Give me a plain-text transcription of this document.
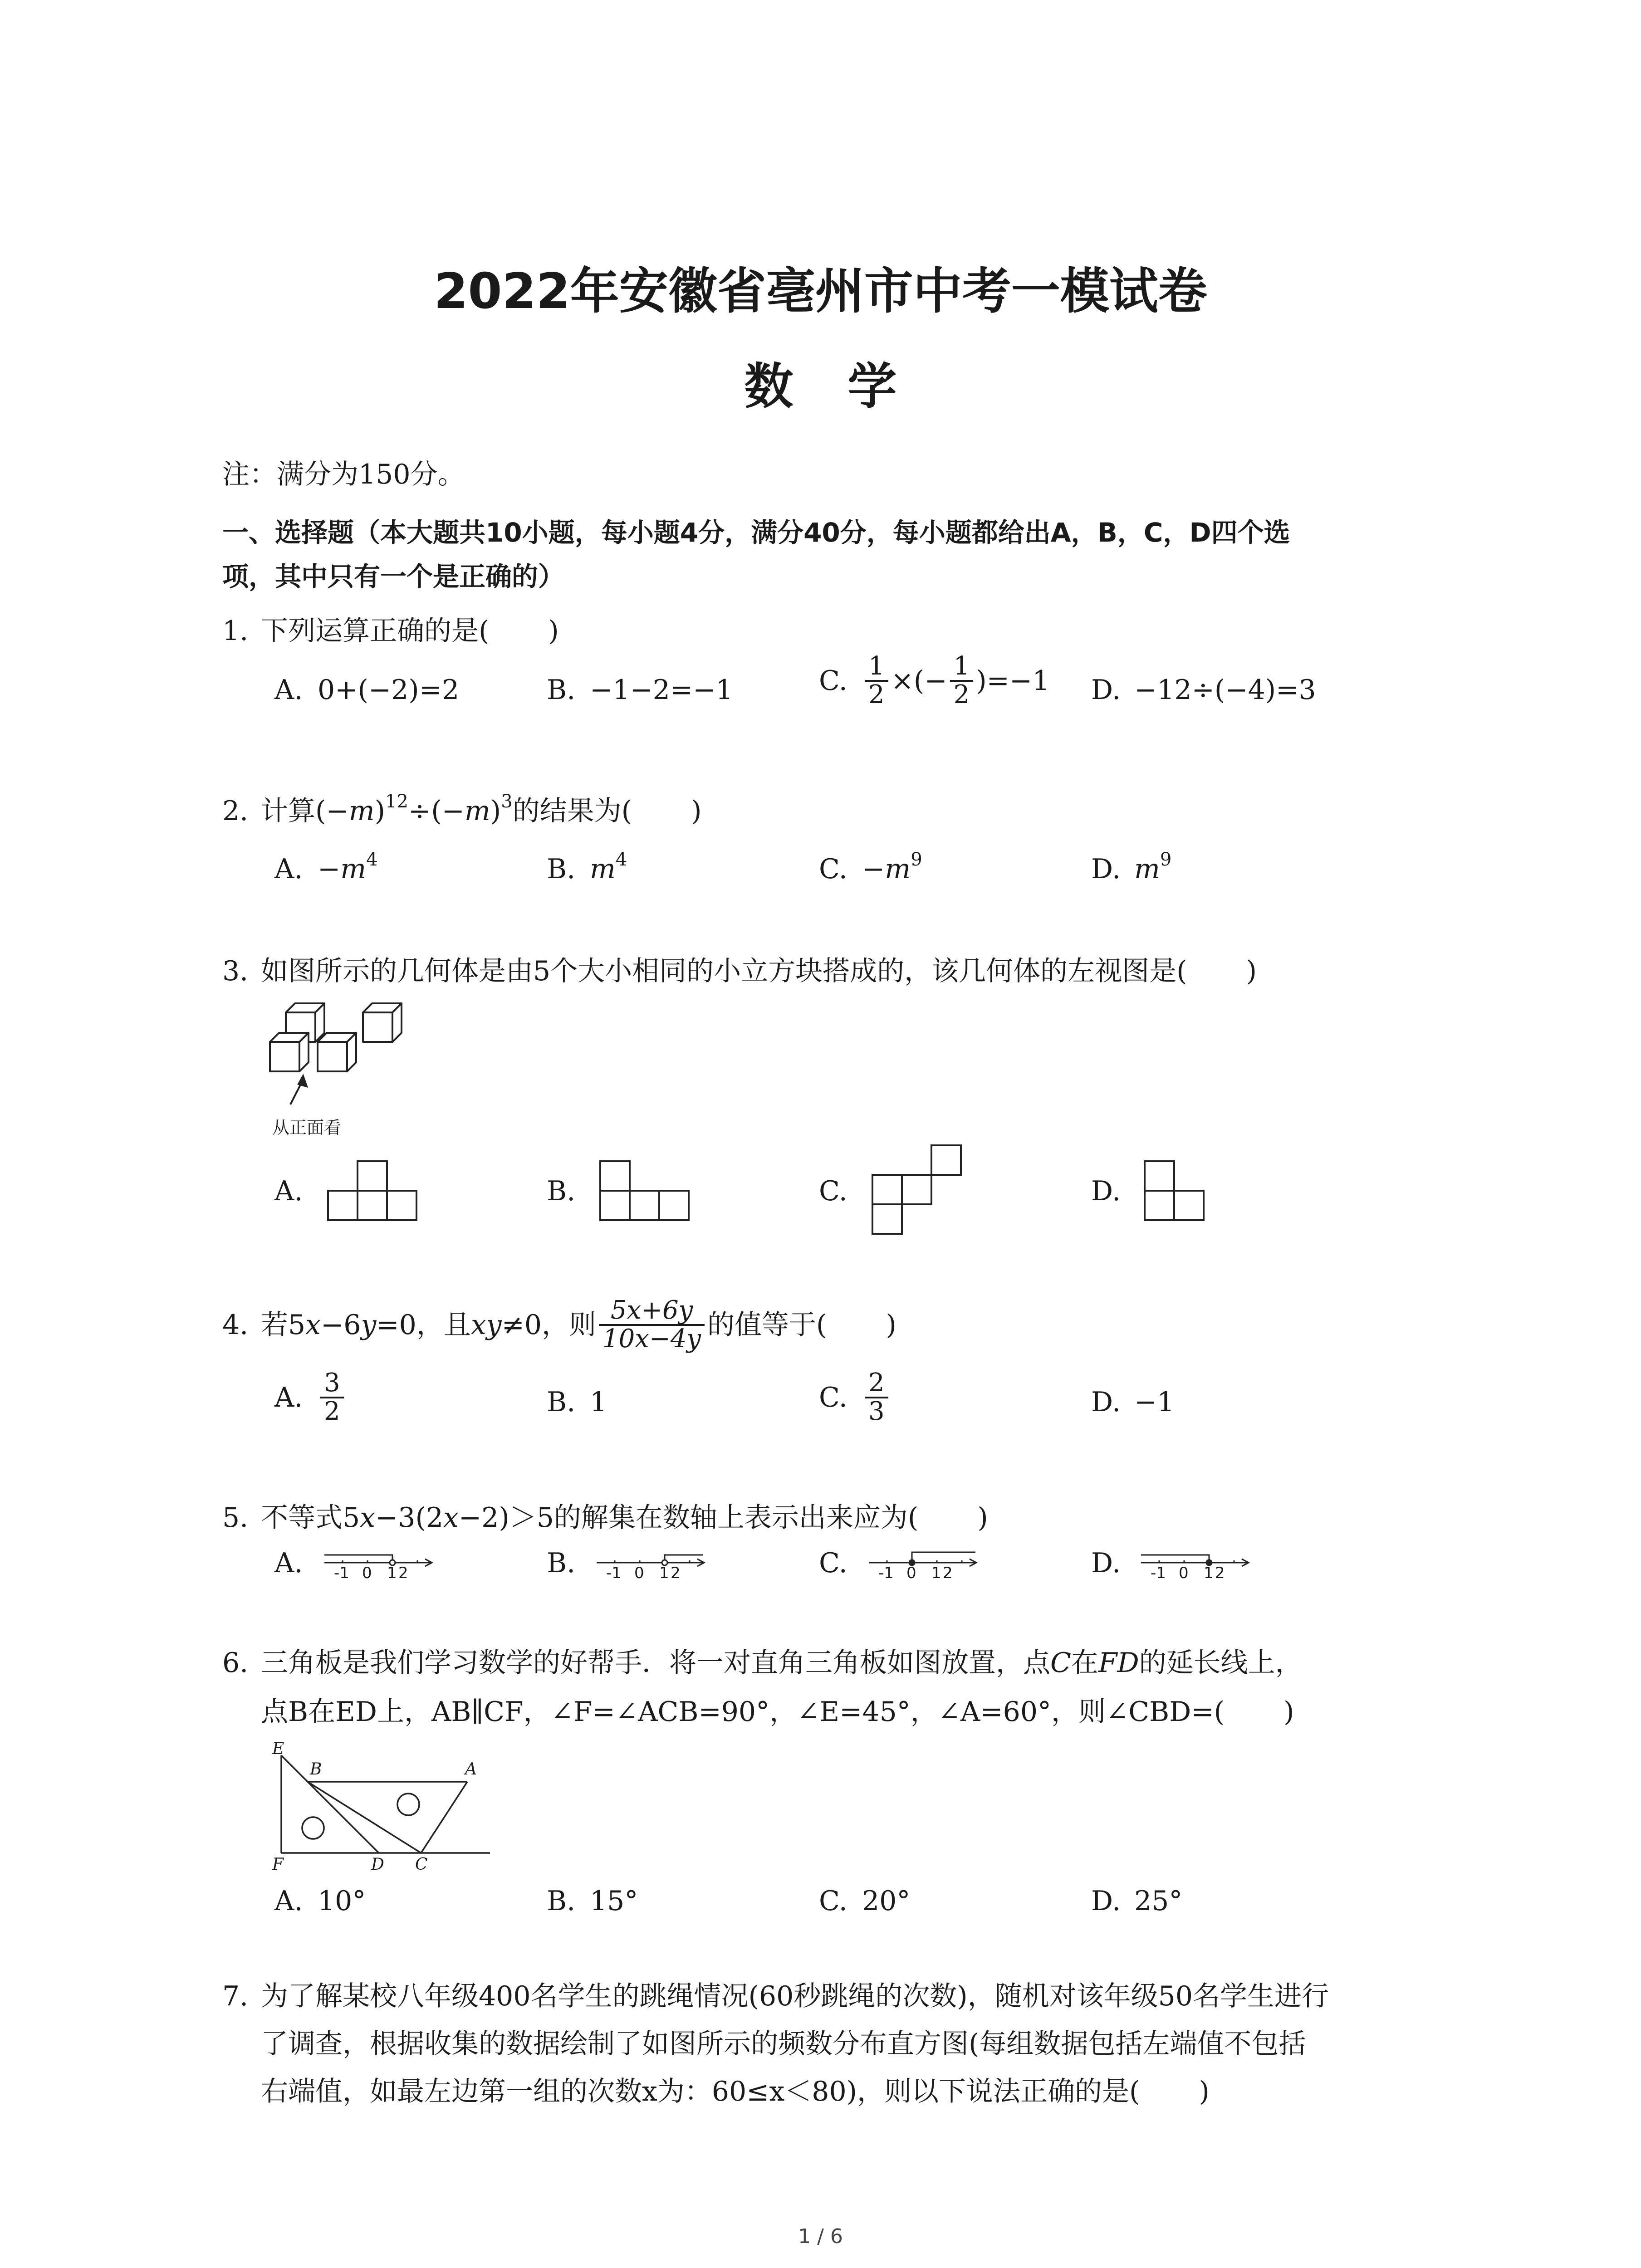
2022年安徽省亳州市中考一模试卷
数学
注：满分为150分。
一、选择题（本大题共10小题，每小题4分，满分40分，每小题都给出A，B，C，D四个选
项，其中只有一个是正确的）
1. 下列运算正确的是( )
A. 0+(−2)=2	B. −1−2=−1	C. $\frac{1}{2}$ ×(− $\frac{1}{2} )=-1$ D. −12÷(−4)=3
2. 计算$(-m)^{12}\div(-m)^3$的结果为( )
A. $-m^4$	B. $m^4$	C. $-m^9$	D. $m^9$
3. 如图所示的几何体是由5个大小相同的小立方块搭成的，该几何体的左视图是( )
从正面看
A.	B.	C.	D.
4. 若5x−6y=0，且xy≠0，则 $\frac{5x+6y}{10x-4y}$ 的值等于( )
A. $\frac{3}{2}$	B. 1	C. $\frac{2}{3}$	D. −1
5. 不等式5x−3(2x−2)＞5的解集在数轴上表示出来应为( )
A.	-1 0 1 2	B.	-1 0 1 2	C.	-1 0 1 2	D.	-1 0 1 2
6. 三角板是我们学习数学的好帮手．将一对直角三角板如图放置，点C在FD的延长线上，
点B在ED上，AB∥CF，∠F=∠ACB=90°，∠E=45°，∠A=60°，则∠CBD=( )
E
B	A
F	D C
A. 10°	B. 15°	C. 20°	D. 25°
7. 为了解某校八年级400名学生的跳绳情况(60秒跳绳的次数)，随机对该年级50名学生进行
了调查，根据收集的数据绘制了如图所示的频数分布直方图(每组数据包括左端值不包括
右端值，如最左边第一组的次数x为：60≤x＜80)，则以下说法正确的是( )
1 / 6
